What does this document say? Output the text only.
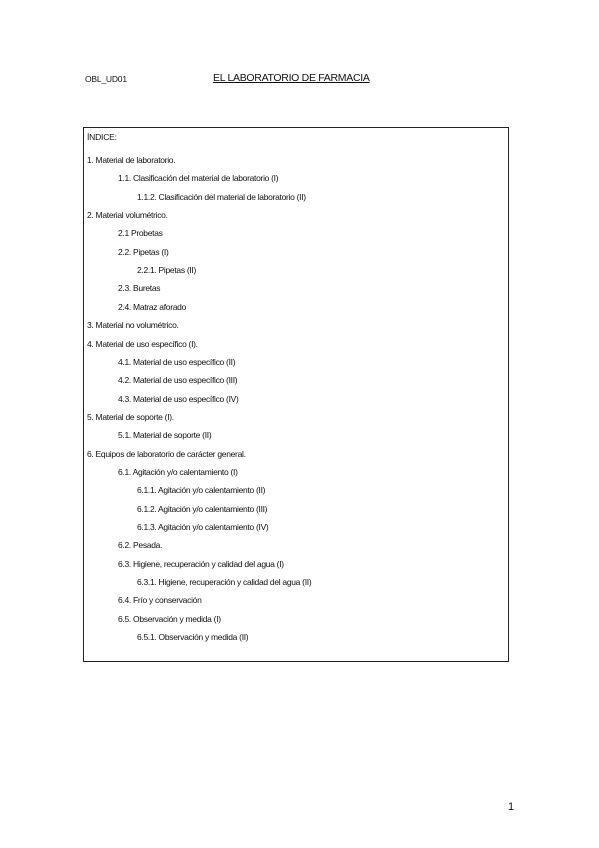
OBL_UD01	EL LABORATORIO DE FARMACIA
ÍNDICE:
1. Material de laboratorio.
1.1. Clasificación del material de laboratorio (I)
1.1.2. Clasificación del material de laboratorio (II)
2. Material volumétrico.
2.1 Probetas
2.2. Pipetas (I)
2.2.1. Pipetas (II)
2.3. Buretas
2.4. Matraz aforado
3. Material no volumétrico.
4. Material de uso específico (I).
4.1. Material de uso específico (II)
4.2. Material de uso específico (III)
4.3. Material de uso específico (IV)
5. Material de soporte (I).
5.1. Material de soporte (II)
6. Equipos de laboratorio de carácter general.
6.1. Agitación y/o calentamiento (I)
6.1.1. Agitación y/o calentamiento (II)
6.1.2. Agitación y/o calentamiento (III)
6.1.3. Agitación y/o calentamiento (IV)
6.2. Pesada.
6.3. Higiene, recuperación y calidad del agua (I)
6.3.1. Higiene, recuperación y calidad del agua (II)
6.4. Frío y conservación
6.5. Observación y medida (I)
6.5.1. Observación y medida (II)
1
